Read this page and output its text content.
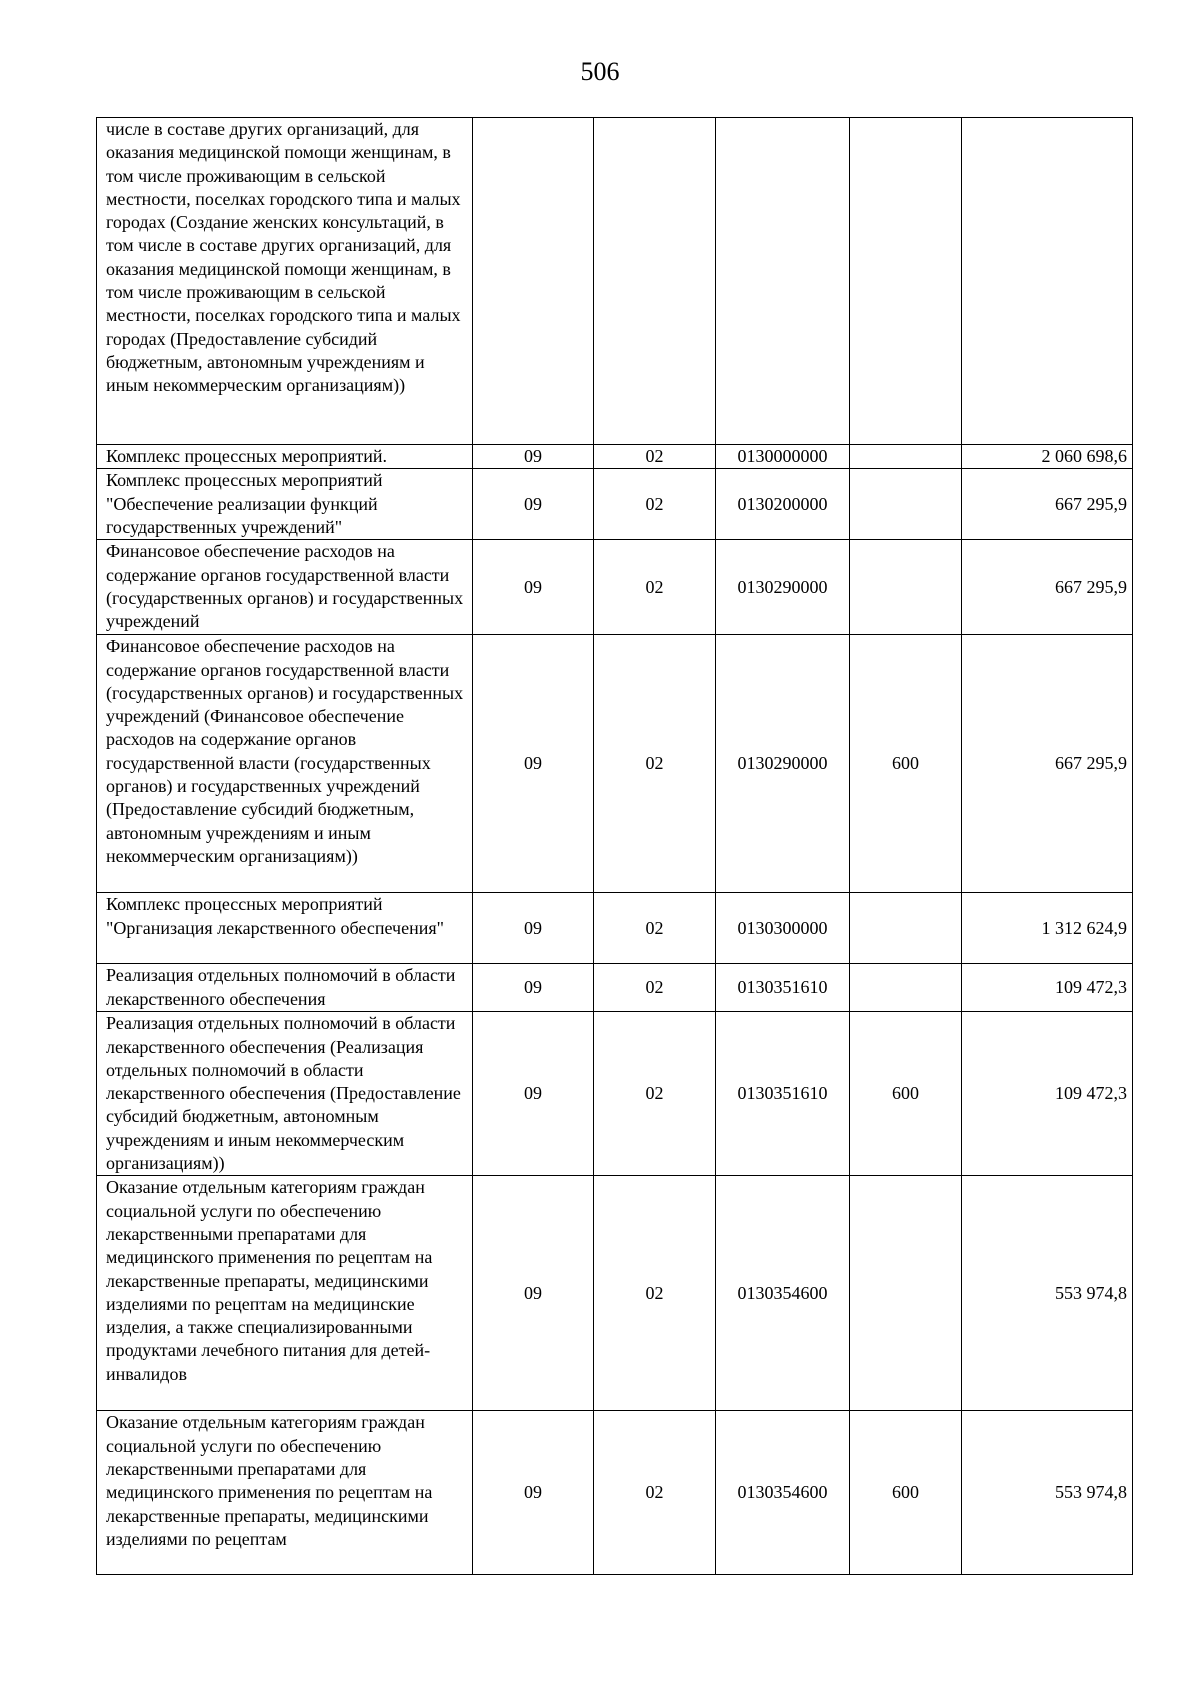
506
числе в составе других организаций, для оказания медицинской помощи женщинам, в том числе проживающим в сельской местности, поселках городского типа и малых городах (Создание женских консультаций, в том числе в составе других организаций, для оказания медицинской помощи женщинам, в том числе проживающим в сельской местности, поселках городского типа и малых городах (Предоставление субсидий бюджетным, автономным учреждениям и иным некоммерческим организациям))					
Комплекс процессных мероприятий.	09	02	0130000000		2 060 698,6
Комплекс процессных мероприятий "Обеспечение реализации функций государственных учреждений"	09	02	0130200000		667 295,9
Финансовое обеспечение расходов на содержание органов государственной власти (государственных органов) и государственных учреждений	09	02	0130290000		667 295,9
Финансовое обеспечение расходов на содержание органов государственной власти (государственных органов) и государственных учреждений (Финансовое обеспечение расходов на содержание органов государственной власти (государственных органов) и государственных учреждений (Предоставление субсидий бюджетным, автономным учреждениям и иным некоммерческим организациям))	09	02	0130290000	600	667 295,9
Комплекс процессных мероприятий "Организация лекарственного обеспечения"	09	02	0130300000		1 312 624,9
Реализация отдельных полномочий в области лекарственного обеспечения	09	02	0130351610		109 472,3
Реализация отдельных полномочий в области лекарственного обеспечения (Реализация отдельных полномочий в области лекарственного обеспечения (Предоставление субсидий бюджетным, автономным учреждениям и иным некоммерческим организациям))	09	02	0130351610	600	109 472,3
Оказание отдельным категориям граждан социальной услуги по обеспечению лекарственными препаратами для медицинского применения по рецептам на лекарственные препараты, медицинскими изделиями по рецептам на медицинские изделия, а также специализированными продуктами лечебного питания для детей-инвалидов	09	02	0130354600		553 974,8
Оказание отдельным категориям граждан социальной услуги по обеспечению лекарственными препаратами для медицинского применения по рецептам на лекарственные препараты, медицинскими изделиями по рецептам	09	02	0130354600	600	553 974,8
